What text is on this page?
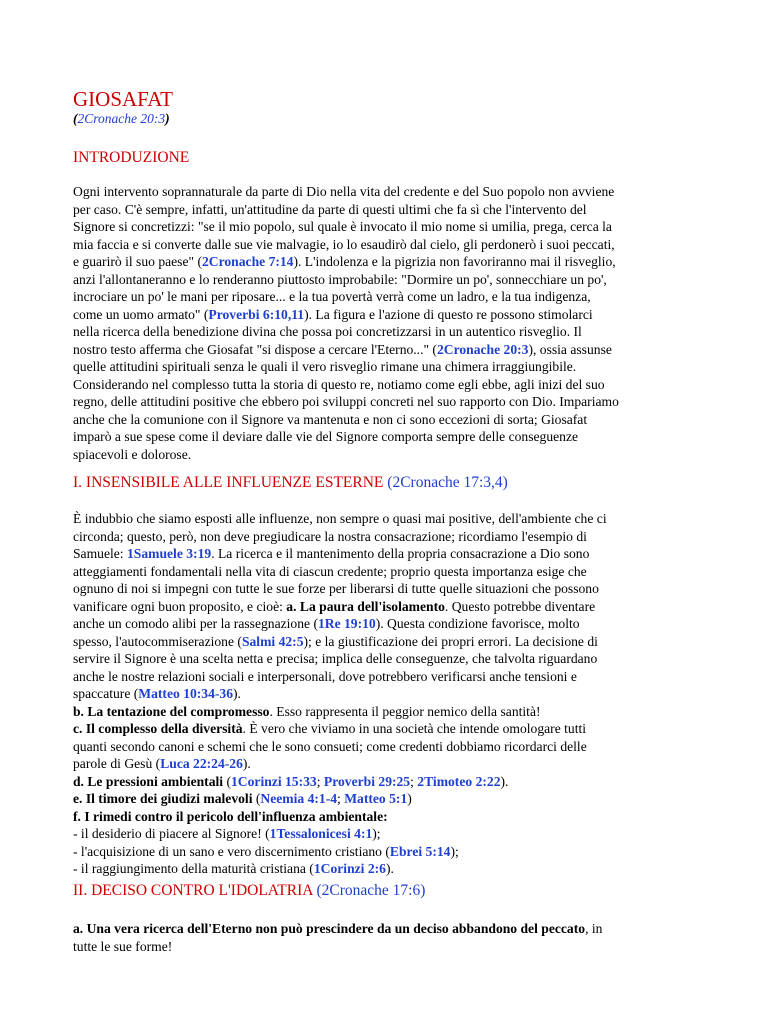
GIOSAFAT
(2Cronache 20:3)
INTRODUZIONE
Ogni intervento soprannaturale da parte di Dio nella vita del credente e del Suo popolo non avviene
per caso. C'è sempre, infatti, un'attitudine da parte di questi ultimi che fa sì che l'intervento del
Signore si concretizzi: "se il mio popolo, sul quale è invocato il mio nome si umilia, prega, cerca la
mia faccia e si converte dalle sue vie malvagie, io lo esaudirò dal cielo, gli perdonerò i suoi peccati,
e guarirò il suo paese" (2Cronache 7:14). L'indolenza e la pigrizia non favoriranno mai il risveglio,
anzi l'allontaneranno e lo renderanno piuttosto improbabile: "Dormire un po', sonnecchiare un po',
incrociare un po' le mani per riposare... e la tua povertà verrà come un ladro, e la tua indigenza,
come un uomo armato" (Proverbi 6:10,11). La figura e l'azione di questo re possono stimolarci
nella ricerca della benedizione divina che possa poi concretizzarsi in un autentico risveglio. Il
nostro testo afferma che Giosafat "si dispose a cercare l'Eterno..." (2Cronache 20:3), ossia assunse
quelle attitudini spirituali senza le quali il vero risveglio rimane una chimera irraggiungibile.
Considerando nel complesso tutta la storia di questo re, notiamo come egli ebbe, agli inizi del suo
regno, delle attitudini positive che ebbero poi sviluppi concreti nel suo rapporto con Dio. Impariamo
anche che la comunione con il Signore va mantenuta e non ci sono eccezioni di sorta; Giosafat
imparò a sue spese come il deviare dalle vie del Signore comporta sempre delle conseguenze
spiacevoli e dolorose.
I. INSENSIBILE ALLE INFLUENZE ESTERNE (2Cronache 17:3,4)
È indubbio che siamo esposti alle influenze, non sempre o quasi mai positive, dell'ambiente che ci
circonda; questo, però, non deve pregiudicare la nostra consacrazione; ricordiamo l'esempio di
Samuele: 1Samuele 3:19. La ricerca e il mantenimento della propria consacrazione a Dio sono
atteggiamenti fondamentali nella vita di ciascun credente; proprio questa importanza esige che
ognuno di noi si impegni con tutte le sue forze per liberarsi di tutte quelle situazioni che possono
vanificare ogni buon proposito, e cioè: a. La paura dell'isolamento. Questo potrebbe diventare
anche un comodo alibi per la rassegnazione (1Re 19:10). Questa condizione favorisce, molto
spesso, l'autocommiserazione (Salmi 42:5); e la giustificazione dei propri errori. La decisione di
servire il Signore è una scelta netta e precisa; implica delle conseguenze, che talvolta riguardano
anche le nostre relazioni sociali e interpersonali, dove potrebbero verificarsi anche tensioni e
spaccature (Matteo 10:34-36).
b. La tentazione del compromesso. Esso rappresenta il peggior nemico della santità!
c. Il complesso della diversità. È vero che viviamo in una società che intende omologare tutti
quanti secondo canoni e schemi che le sono consueti; come credenti dobbiamo ricordarci delle
parole di Gesù (Luca 22:24-26).
d. Le pressioni ambientali (1Corinzi 15:33; Proverbi 29:25; 2Timoteo 2:22).
e. Il timore dei giudizi malevoli (Neemia 4:1-4; Matteo 5:1)
f. I rimedi contro il pericolo dell'influenza ambientale:
- il desiderio di piacere al Signore! (1Tessalonicesi 4:1);
- l'acquisizione di un sano e vero discernimento cristiano (Ebrei 5:14);
- il raggiungimento della maturità cristiana (1Corinzi 2:6).
II. DECISO CONTRO L'IDOLATRIA (2Cronache 17:6)
a. Una vera ricerca dell'Eterno non può prescindere da un deciso abbandono del peccato, in
tutte le sue forme!
